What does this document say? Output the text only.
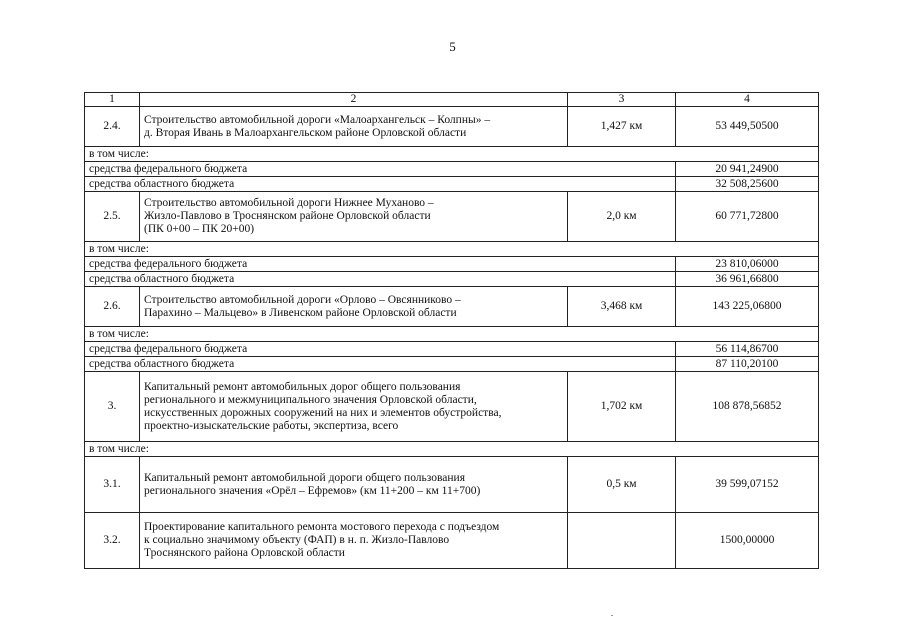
5
1	2	3	4
2.4.	Строительство автомобильной дороги «Малоархангельск – Колпны» –
д. Вторая Ивань в Малоархангельском районе Орловской области	1,427 км	53 449,50500
в том числе:			
средства федерального бюджета			20 941,24900
средства областного бюджета			32 508,25600
2.5.	Строительство автомобильной дороги Нижнее Муханово –
Жизло-Павлово в Троснянском районе Орловской области
(ПК 0+00 – ПК 20+00)	2,0 км	60 771,72800
в том числе:			
средства федерального бюджета			23 810,06000
средства областного бюджета			36 961,66800
2.6.	Строительство автомобильной дороги «Орлово – Овсянниково –
Парахино – Мальцево» в Ливенском районе Орловской области	3,468 км	143 225,06800
в том числе:			
средства федерального бюджета			56 114,86700
средства областного бюджета			87 110,20100
3.	Капитальный ремонт автомобильных дорог общего пользования
регионального и межмуниципального значения Орловской области,
искусственных дорожных сооружений на них и элементов обустройства,
проектно-изыскательские работы, экспертиза, всего	1,702 км	108 878,56852
в том числе:			
3.1.	Капитальный ремонт автомобильной дороги общего пользования
регионального значения «Орёл – Ефремов» (км 11+200 – км 11+700)	0,5 км	39 599,07152
3.2.	Проектирование капитального ремонта мостового перехода с подъездом
к социально значимому объекту (ФАП) в н. п. Жизло-Павлово
Троснянского района Орловской области		1500,00000
